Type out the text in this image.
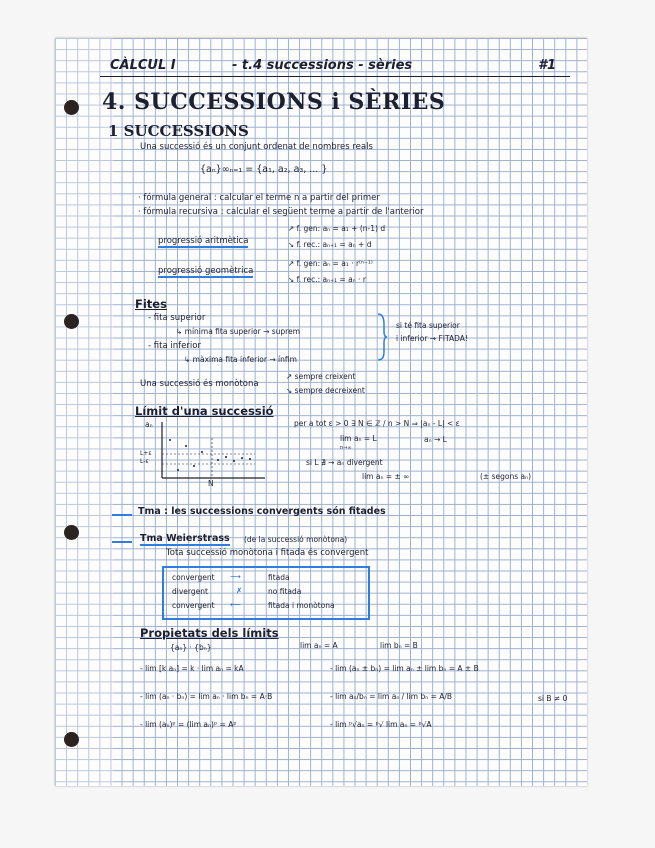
CÀLCUL I	- t.4 successions - sèries	#1
4. SUCCESSIONS i SÈRIES
1 SUCCESSIONS
Una successió és un conjunt ordenat de nombres reals
{aₙ}∞ₙ₌₁ = {a₁, a₂, a₃, ... }
· fórmula general : calcular el terme n a partir del primer
· fórmula recursiva : calcular el següent terme a partir de l'anterior
progressió aritmètica
↗ f. gen: aₙ = a₁ + (n-1) d
↘ f. rec.: aₙ₊₁ = aₙ + d
progressió geomètrica
↗ f. gen: aₙ = a₁ · r⁽ⁿ⁻¹⁾
↘ f. rec.: aₙ₊₁ = aₙ · r
Fites
- fita superior
↳ mínima fita superior → suprem
- fita inferior
↳ màxima fita inferior → ínfim
si té fita superior
i inferior → FITADA!
Una successió és monòtona
↗ sempre creixent
↘ sempre decreixent
Límit d'una successió
aₙ
L+ε
L-ε
N
per a tot ε > 0 ∃ N ∈ ℤ / n > N ⇒ |aₙ - L| < ε
lim aₙ = L
n→∞
aₙ → L
si L ∄ → aₙ divergent
lim aₙ = ± ∞	(± segons aₙ)
Tma : les successions convergents són fitades
Tma Weierstrass (de la successió monòtona)
Tota successió monòtona i fitada és convergent
convergent ⟶	fitada
divergent	✗	no fitada
convergent ⟵	fitada i monòtona
Propietats dels límits
{aₙ} · {bₙ}	lim aₙ = A	lim bₙ = B
- lim [k aₙ] = k · lim aₙ = kA	- lim (aₙ ± bₙ) = lim aₙ ± lim bₙ = A ± B
- lim (aₙ · bₙ) = lim aₙ · lim bₙ = A·B	- lim aₙ/bₙ = lim aₙ / lim bₙ = A/B	si B ≠ 0
- lim (aₙ)ᵖ = (lim aₙ)ᵖ = Aᵖ	- lim ᵖ√aₙ = ᵖ√ lim aₙ = ᵖ√A
